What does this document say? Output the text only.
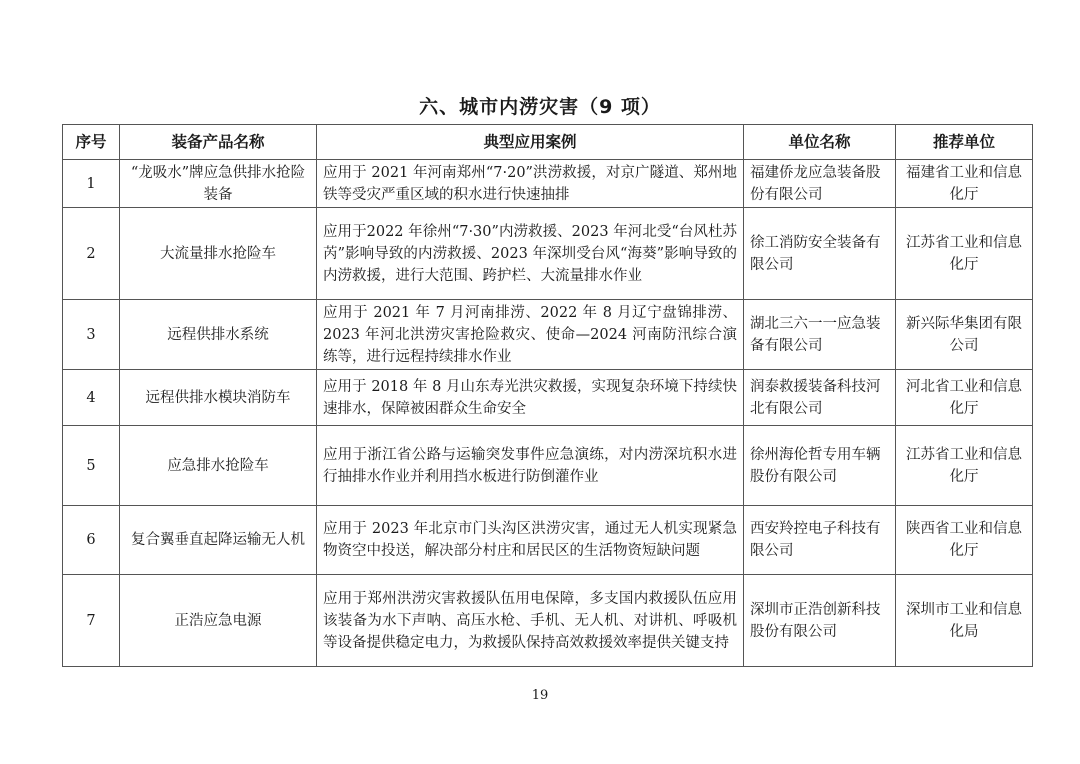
六、城市内涝灾害（9 项）
序号	装备产品名称	典型应用案例	单位名称	推荐单位
1	“龙吸水”牌应急供排水抢险装备	应用于 2021 年河南郑州“7·20”洪涝救援，对京广隧道、郑州地铁等受灾严重区域的积水进行快速抽排	福建侨龙应急装备股份有限公司	福建省工业和信息化厅
2	大流量排水抢险车	应用于2022 年徐州“7·30”内涝救援、2023 年河北受“台风杜苏芮”影响导致的内涝救援、2023 年深圳受台风“海葵”影响导致的内涝救援，进行大范围、跨护栏、大流量排水作业	徐工消防安全装备有限公司	江苏省工业和信息化厅
3	远程供排水系统	应用于 2021 年 7 月河南排涝、2022 年 8 月辽宁盘锦排涝、2023 年河北洪涝灾害抢险救灾、使命—2024 河南防汛综合演练等，进行远程持续排水作业	湖北三六一一应急装备有限公司	新兴际华集团有限公司
4	远程供排水模块消防车	应用于 2018 年 8 月山东寿光洪灾救援，实现复杂环境下持续快速排水，保障被困群众生命安全	润泰救援装备科技河北有限公司	河北省工业和信息化厅
5	应急排水抢险车	应用于浙江省公路与运输突发事件应急演练，对内涝深坑积水进行抽排水作业并利用挡水板进行防倒灌作业	徐州海伦哲专用车辆股份有限公司	江苏省工业和信息化厅
6	复合翼垂直起降运输无人机	应用于 2023 年北京市门头沟区洪涝灾害，通过无人机实现紧急物资空中投送，解决部分村庄和居民区的生活物资短缺问题	西安羚控电子科技有限公司	陕西省工业和信息化厅
7	正浩应急电源	应用于郑州洪涝灾害救援队伍用电保障，多支国内救援队伍应用该装备为水下声呐、高压水枪、手机、无人机、对讲机、呼吸机等设备提供稳定电力，为救援队保持高效救援效率提供关键支持	深圳市正浩创新科技股份有限公司	深圳市工业和信息化局
19
